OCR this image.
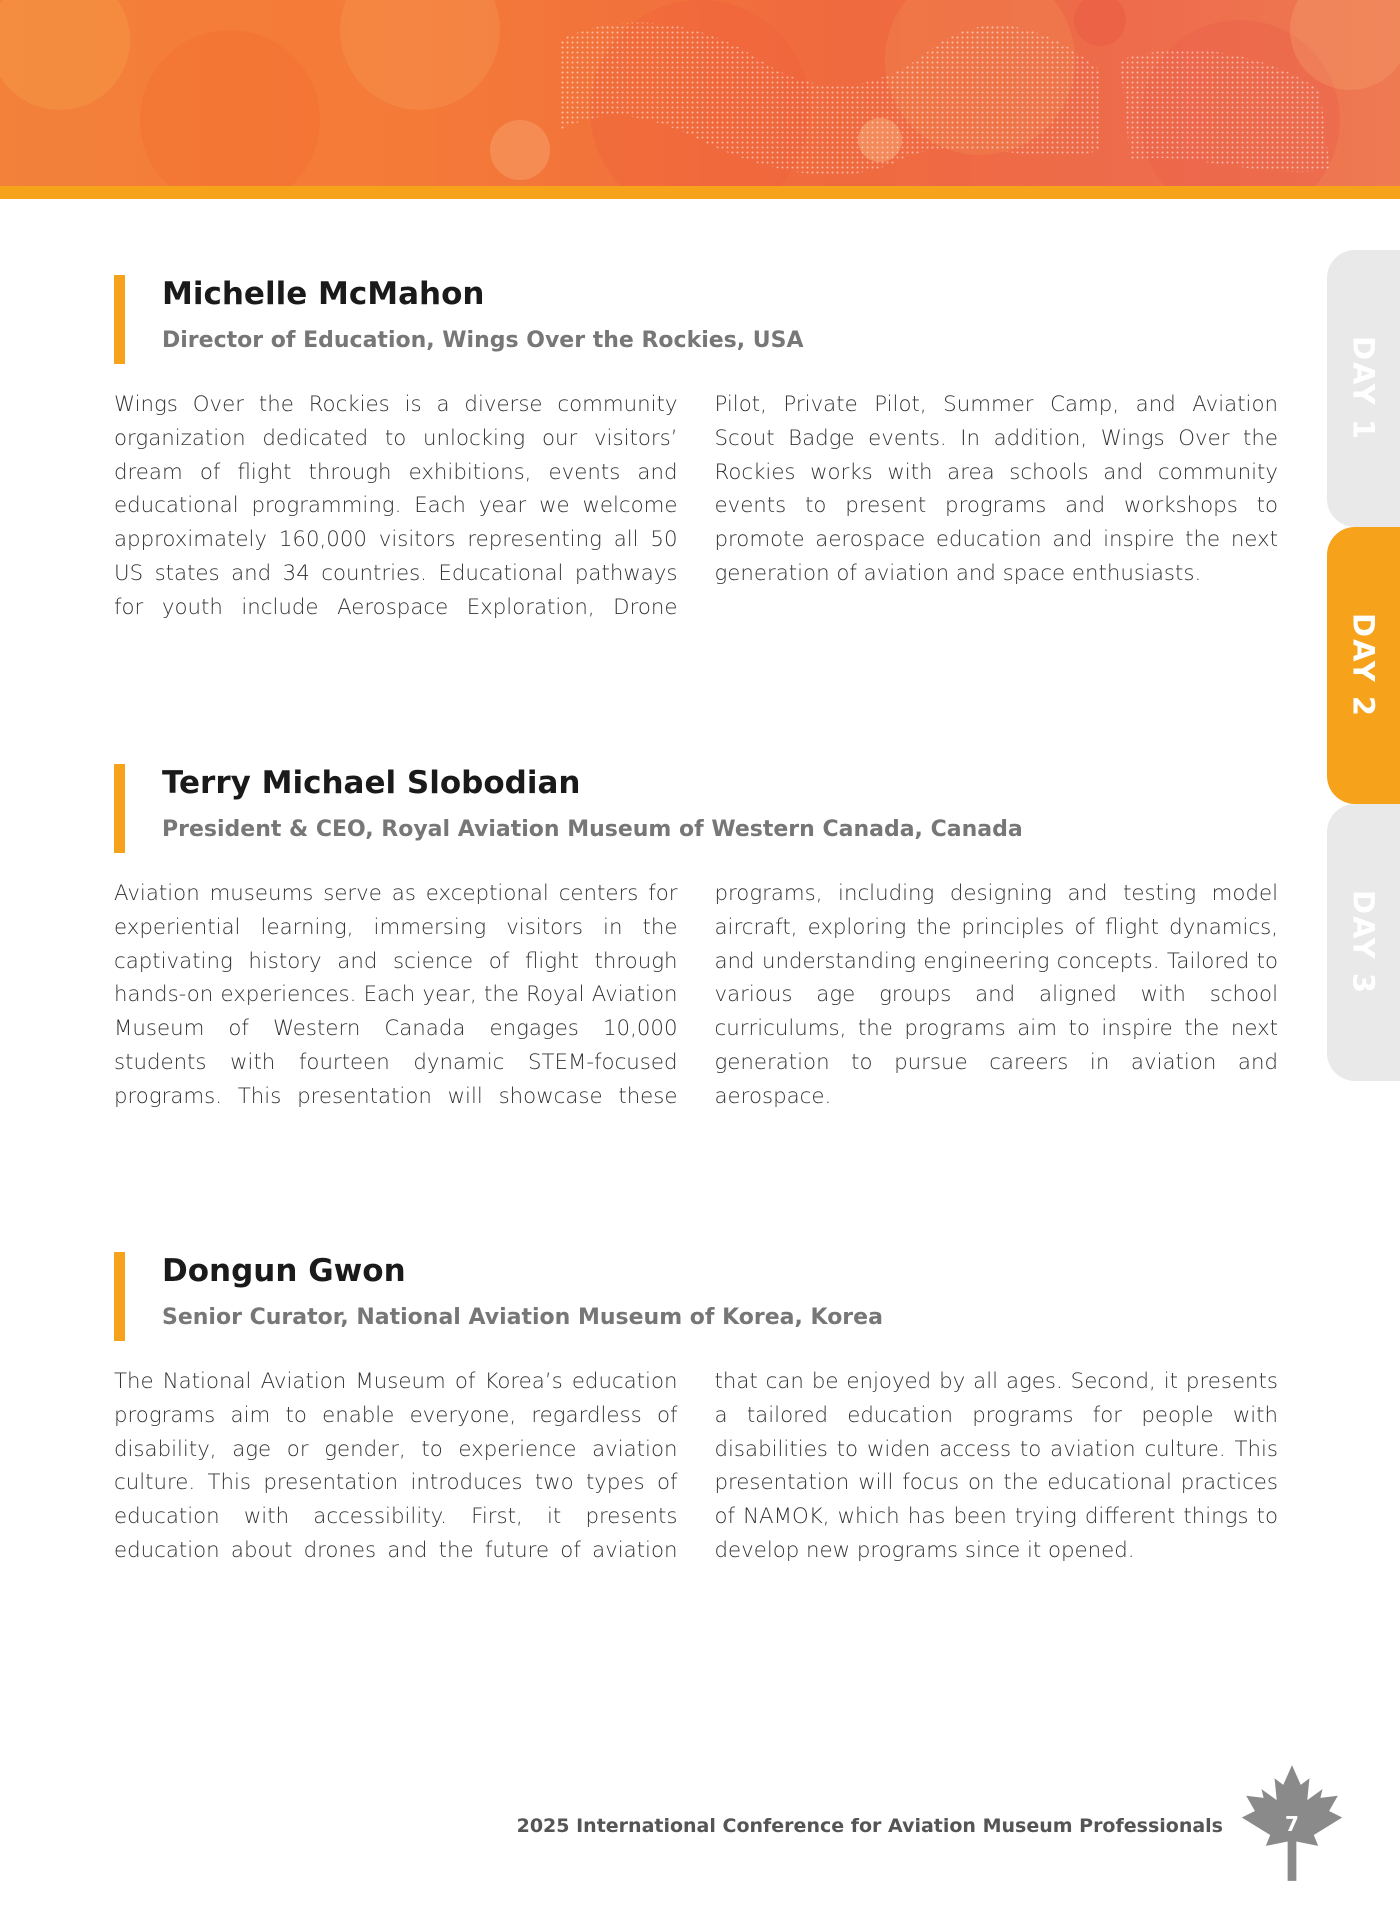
DAY 1
DAY 2
DAY 3
Michelle McMahon
Director of Education, Wings Over the Rockies, USA

Wings Over the Rockies is a diverse community organization dedicated to unlocking our visitors’ dream of flight through exhibitions, events and educational programming. Each year we welcome approximately 160,000 visitors representing all 50 US states and 34 countries. Educational pathways for youth include Aerospace Exploration, Drone Pilot, Private Pilot, Summer Camp, and Aviation Scout Badge events. In addition, Wings Over the Rockies works with area schools and community events to present programs and workshops to promote aerospace education and inspire the next generation of aviation and space enthusiasts.

Terry Michael Slobodian
President & CEO, Royal Aviation Museum of Western Canada, Canada

Aviation museums serve as exceptional centers for experiential learning, immersing visitors in the captivating history and science of flight through hands-on experiences. Each year, the Royal Aviation Museum of Western Canada engages 10,000 students with fourteen dynamic STEM-focused programs. This presentation will showcase these programs, including designing and testing model aircraft, exploring the principles of flight dynamics, and understanding engineering concepts. Tailored to various age groups and aligned with school curriculums, the programs aim to inspire the next generation to pursue careers in aviation and aerospace.

Dongun Gwon
Senior Curator, National Aviation Museum of Korea, Korea

The National Aviation Museum of Korea’s education programs aim to enable everyone, regardless of disability, age or gender, to experience aviation culture. This presentation introduces two types of education with accessibility. First, it presents education about drones and the future of aviation that can be enjoyed by all ages. Second, it presents a tailored education programs for people with disabilities to widen access to aviation culture. This presentation will focus on the educational practices of NAMOK, which has been trying different things to develop new programs since it opened.

2025 International Conference for Aviation Museum Professionals	7
